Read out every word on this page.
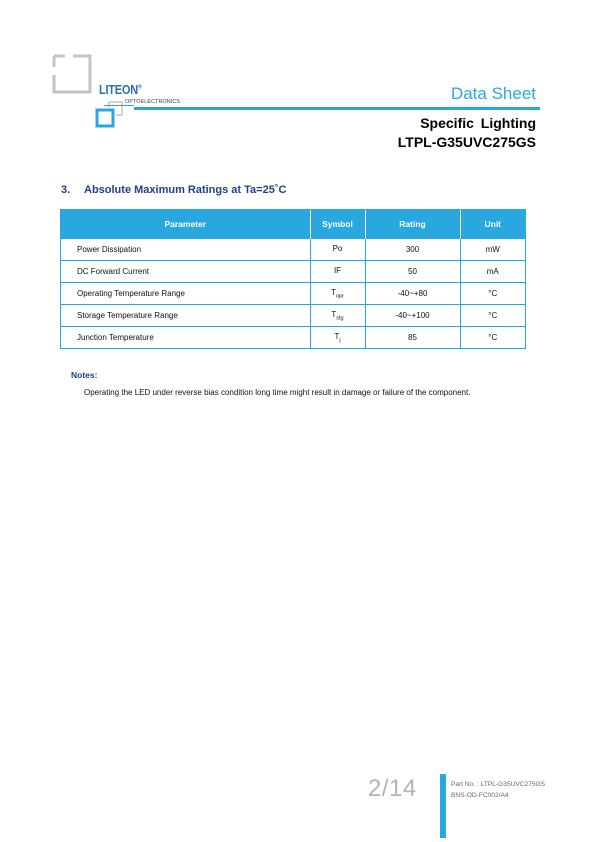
LITEON®
OPTOELECTRONICS	Data Sheet
Specific Lighting
LTPL-G35UVC275GS
3. Absolute Maximum Ratings at Ta=25˚C
Parameter	Symbol	Rating	Unit
Power Dissipation	Po	300	mW
DC Forward Current	IF	50	mA
Operating Temperature Range	$T_{opr}$	-40~+80	°C
Storage Temperature Range	$T_{stg}$	-40~+100	°C
Junction Temperature	$T_j$	85	°C
Notes:
Operating the LED under reverse bias condition long time might result in damage or failure of the component.
2/14	Part No. : LTPL-G35UVC275GS
BNS-OD-FC002/A4
